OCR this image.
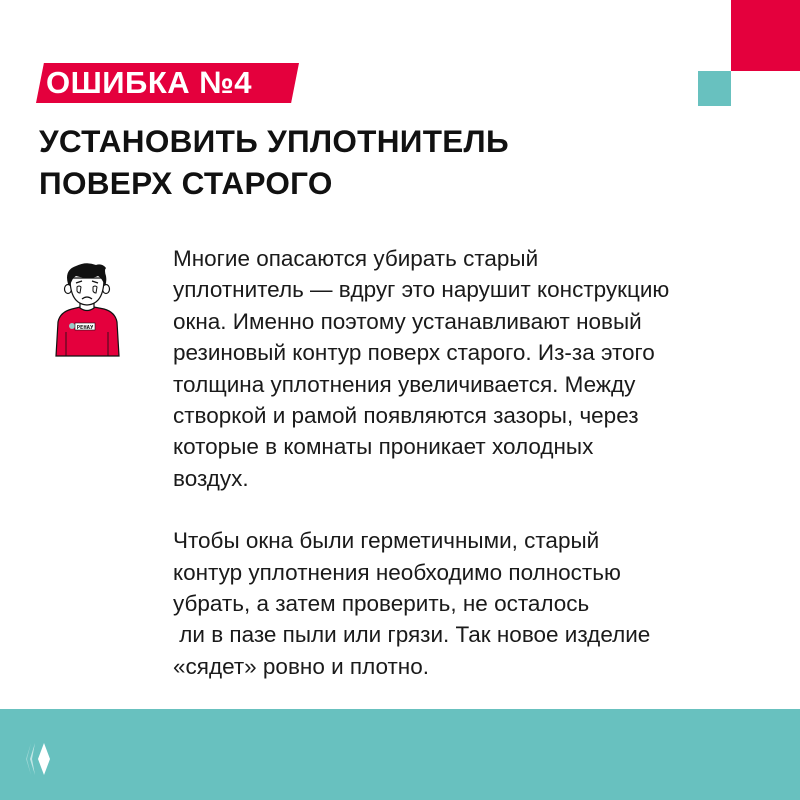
ОШИБКА №4
УСТАНОВИТЬ УПЛОТНИТЕЛЬ
ПОВЕРХ СТАРОГО
РЕНАУ
Многие опасаются убирать старый
уплотнитель — вдруг это нарушит конструкцию
окна. Именно поэтому устанавливают новый
резиновый контур поверх старого. Из-за этого
толщина уплотнения увеличивается. Между
створкой и рамой появляются зазоры, через
которые в комнаты проникает холодных
воздух.
Чтобы окна были герметичными, старый
контур уплотнения необходимо полностью
убрать, а затем проверить, не осталось
ли в пазе пыли или грязи. Так новое изделие
«сядет» ровно и плотно.
